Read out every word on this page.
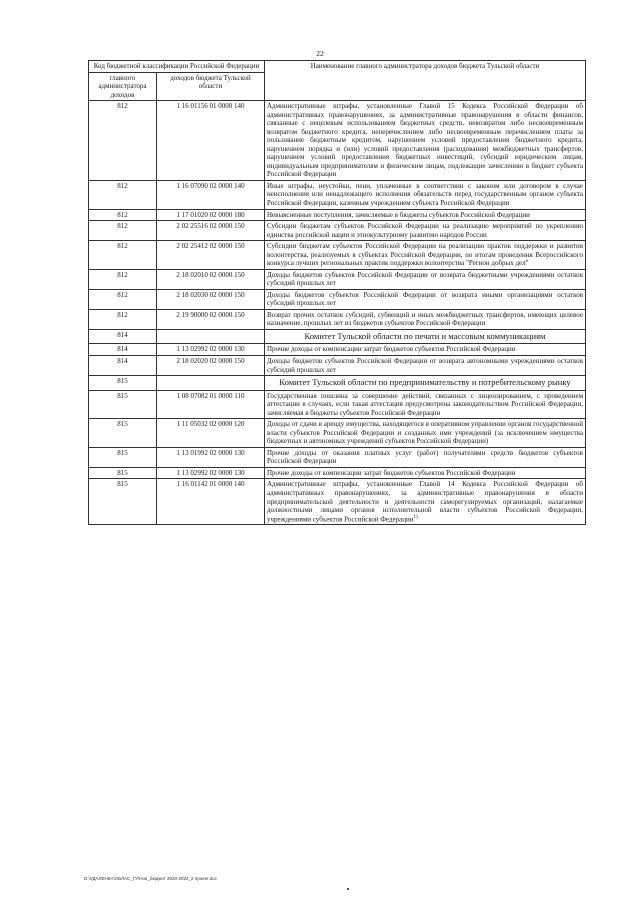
22
Код бюджетной классификации Российской Федерации		Наименование главного администратора доходов бюджета Тульской области
главного администратора доходов	доходов бюджета Тульской области	
812	1 16 01156 01 0000 140	Административные штрафы, установленные Главой 15 Кодекса Российской Федерации об административных правонарушениях, за административные правонарушения в области финансов, связанные с нецелевым использованием бюджетных средств, невозвратом либо несвоевременным возвратом бюджетного кредита, неперечислением либо несвоевременным перечислением платы за пользование бюджетным кредитом, нарушением условий предоставления бюджетного кредита, нарушением порядка и (или) условий предоставления (расходования) межбюджетных трансфертов, нарушением условий предоставления бюджетных инвестиций, субсидий юридическим лицам, индивидуальным предпринимателям и физическим лицам, подлежащие зачислению в бюджет субъекта Российской Федерации
812	1 16 07090 02 0000 140	Иные штрафы, неустойки, пени, уплаченные в соответствии с законом или договором в случае неисполнения или ненадлежащего исполнения обязательств перед государственным органом субъекта Российской Федерации, казенным учреждением субъекта Российской Федерации
812	1 17 01020 02 0000 180	Невыясненные поступления, зачисляемые в бюджеты субъектов Российской Федерации
812	2 02 25516 02 0000 150	Субсидии бюджетам субъектов Российской Федерации на реализацию мероприятий по укреплению единства российской нации и этнокультурному развитию народов России
812	2 02 25412 02 0000 150	Субсидии бюджетам субъектов Российской Федерации на реализацию практик поддержки и развития волонтерства, реализуемых в субъектах Российской Федерации, по итогам проведения Всероссийского конкурса лучших региональных практик поддержки волонтерства "Регион добрых дел"
812	2 18 02010 02 0000 150	Доходы бюджетов субъектов Российской Федерации от возврата бюджетными учреждениями остатков субсидий прошлых лет
812	2 18 02030 02 0000 150	Доходы бюджетов субъектов Российской Федерации от возврата иными организациями остатков субсидий прошлых лет
812	2 19 90000 02 0000 150	Возврат прочих остатков субсидий, субвенций и иных межбюджетных трансфертов, имеющих целевое назначение, прошлых лет из бюджетов субъектов Российской Федерации
814		Комитет Тульской области по печати и массовым коммуникациям
814	1 13 02992 02 0000 130	Прочие доходы от компенсации затрат бюджетов субъектов Российской Федерации
814	2 18 02020 02 0000 150	Доходы бюджетов субъектов Российской Федерации от возврата автономными учреждениями остатков субсидий прошлых лет
815		Комитет Тульской области по предпринимательству и потребительскому рынку
815	1 08 07082 01 0000 110	Государственная пошлина за совершение действий, связанных с лицензированием, с проведением аттестации в случаях, если такая аттестация предусмотрена законодательством Российской Федерации, зачисляемая в бюджеты субъектов Российской Федерации
815	1 11 05032 02 0000 120	Доходы от сдачи в аренду имущества, находящегося в оперативном управлении органов государственной власти субъектов Российской Федерации и созданных ими учреждений (за исключением имущества бюджетных и автономных учреждений субъектов Российской Федерации)
815	1 13 01992 02 0000 130	Прочие доходы от оказания платных услуг (работ) получателями средств бюджетов субъектов Российской Федерации
815	1 13 02992 02 0000 130	Прочие доходы от компенсации затрат бюджетов субъектов Российской Федерации
815	1 16 01142 01 0000 140	Административные штрафы, установленные Главой 14 Кодекса Российской Федерации об административных правонарушениях, за административные правонарушения в области предпринимательской деятельности и деятельности саморегулируемых организаций, налагаемые должностными лицами органов исполнительной власти субъектов Российской Федерации, учреждениями субъектов Российской Федерации$^{1)}$
D:\УДАЛЕНКА\ОБЛАС_ГУ\Нов_бюджет 2020-2022_2 проект.doc
